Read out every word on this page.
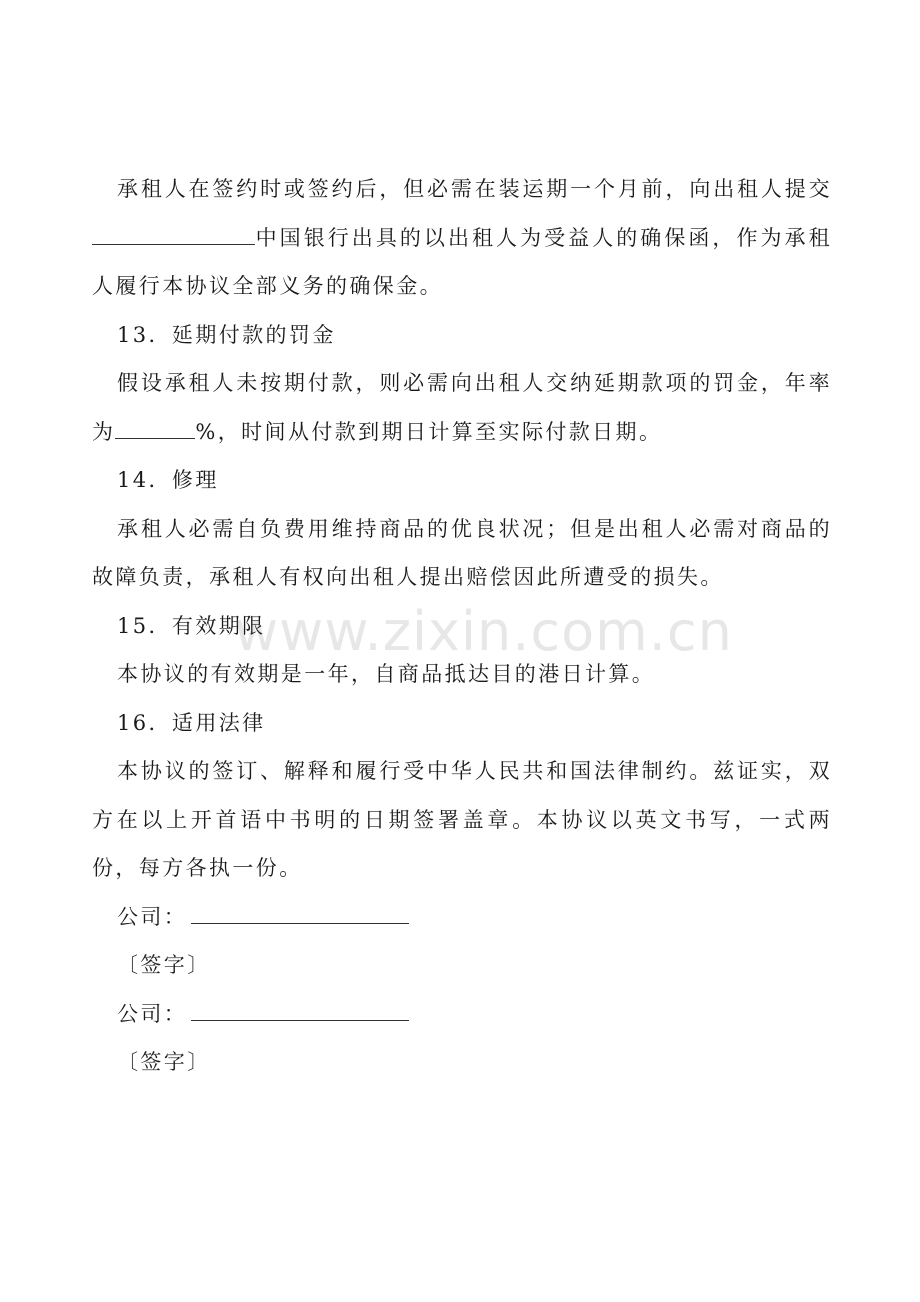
承租人在签约时或签约后，但必需在装运期一个月前，向出租人提交中国银行出具的以出租人为受益人的确保函，作为承租人履行本协议全部义务的确保金。

13．延期付款的罚金

假设承租人未按期付款，则必需向出租人交纳延期款项的罚金，年率为	%，时间从付款到期日计算至实际付款日期。

14．修理

承租人必需自负费用维持商品的优良状况；但是出租人必需对商品的故障负责，承租人有权向出租人提出赔偿因此所遭受的损失。

15．有效期限

本协议的有效期是一年，自商品抵达目的港日计算。

16．适用法律

本协议的签订、解释和履行受中华人民共和国法律制约。兹证实，双方在以上开首语中书明的日期签署盖章。本协议以英文书写，一式两份，每方各执一份。

公司：

〔签字〕

公司：

〔签字〕

www.zixin.com.cn
